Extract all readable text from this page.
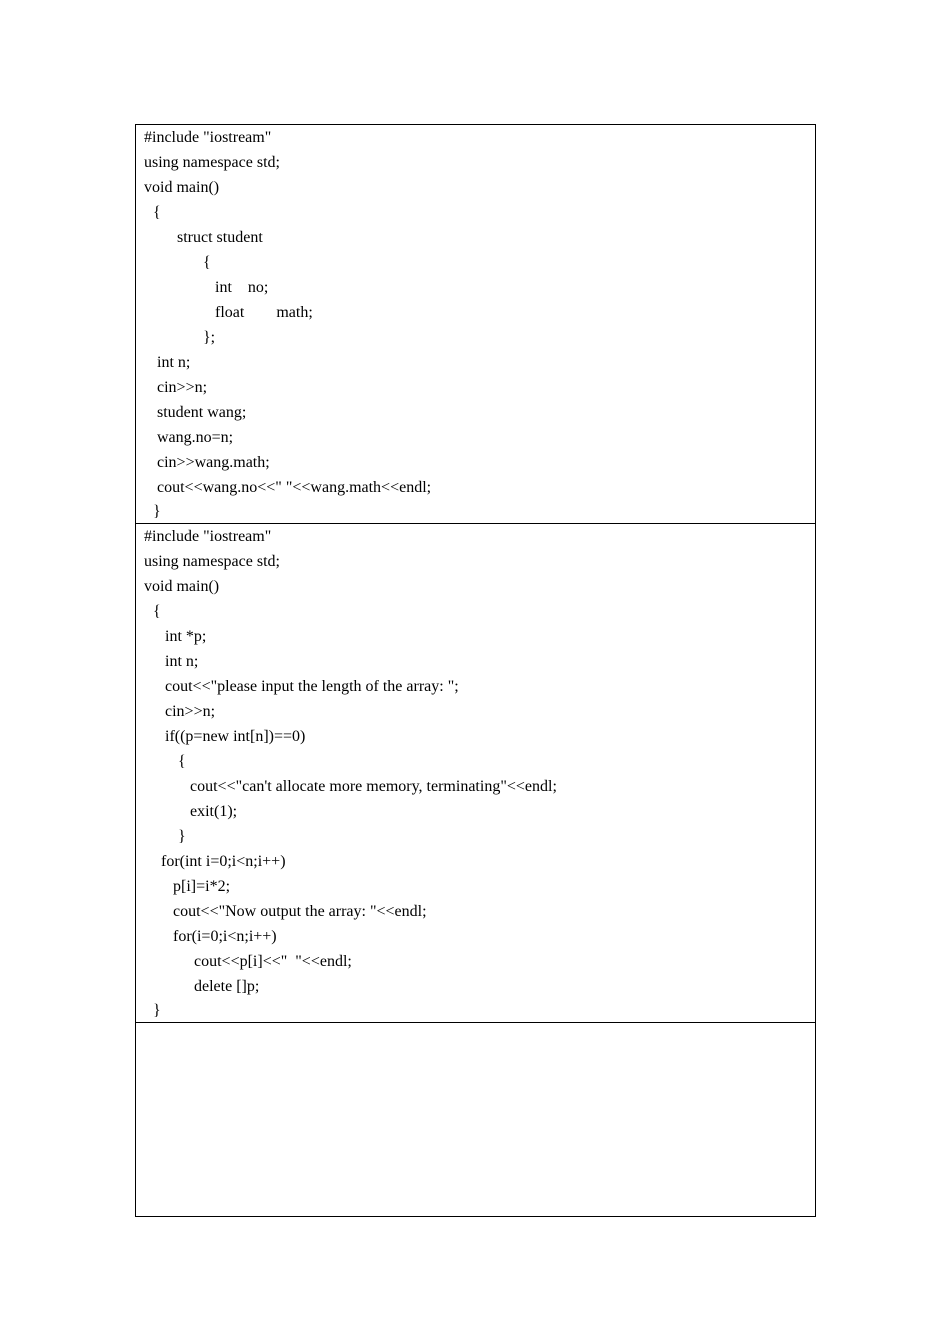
#include "iostream"
using namespace std;
void main()
{
struct student
{
int    no;
float        math;
};
int n;
cin>>n;
student wang;
wang.no=n;
cin>>wang.math;
cout<<wang.no<<" "<<wang.math<<endl;
}
#include "iostream"
using namespace std;
void main()
{
int *p;
int n;
cout<<"please input the length of the array: ";
cin>>n;
if((p=new int[n])==0)
{
cout<<"can't allocate more memory, terminating"<<endl;
exit(1);
}
for(int i=0;i<n;i++)
p[i]=i*2;
cout<<"Now output the array: "<<endl;
for(i=0;i<n;i++)
cout<<p[i]<<"  "<<endl;
delete []p;
}
